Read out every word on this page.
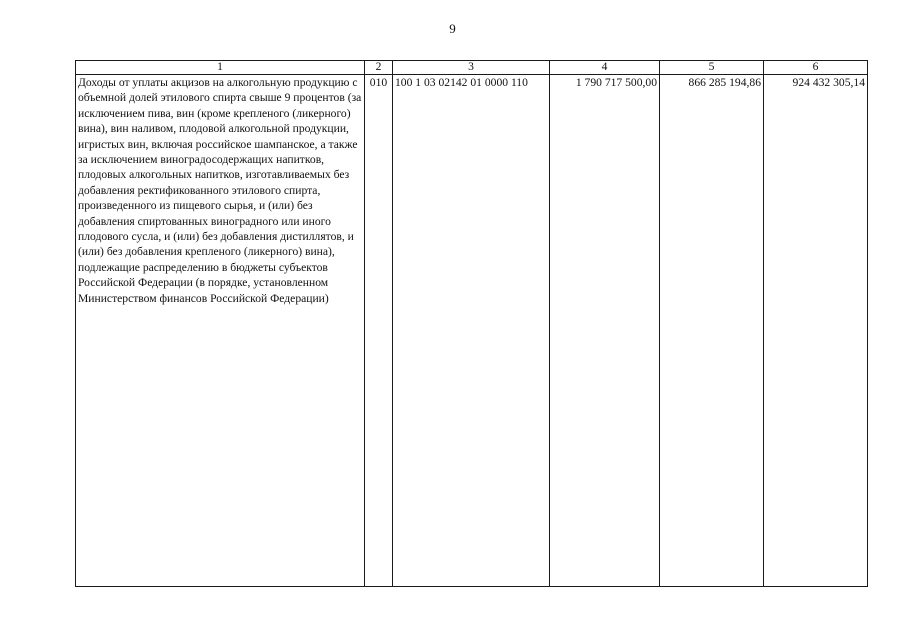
9
1	2	3	4	5	6
Доходы от уплаты акцизов на алкогольную продукцию с объемной долей этилового спирта свыше 9 процентов (за исключением пива, вин (кроме крепленого (ликерного) вина), вин наливом, плодовой алкогольной продукции, игристых вин, включая российское шампанское, а также за исключением виноградосодержащих напитков, плодовых алкогольных напитков, изготавливаемых без добавления ректификованного этилового спирта, произведенного из пищевого сырья, и (или) без добавления спиртованных виноградного или иного плодового сусла, и (или) без добавления дистиллятов, и (или) без добавления крепленого (ликерного) вина), подлежащие распределению в бюджеты субъектов Российской Федерации (в порядке, установленном Министерством финансов Российской Федерации)	010	100 1 03 02142 01 0000 110	1 790 717 500,00	866 285 194,86	924 432 305,14
